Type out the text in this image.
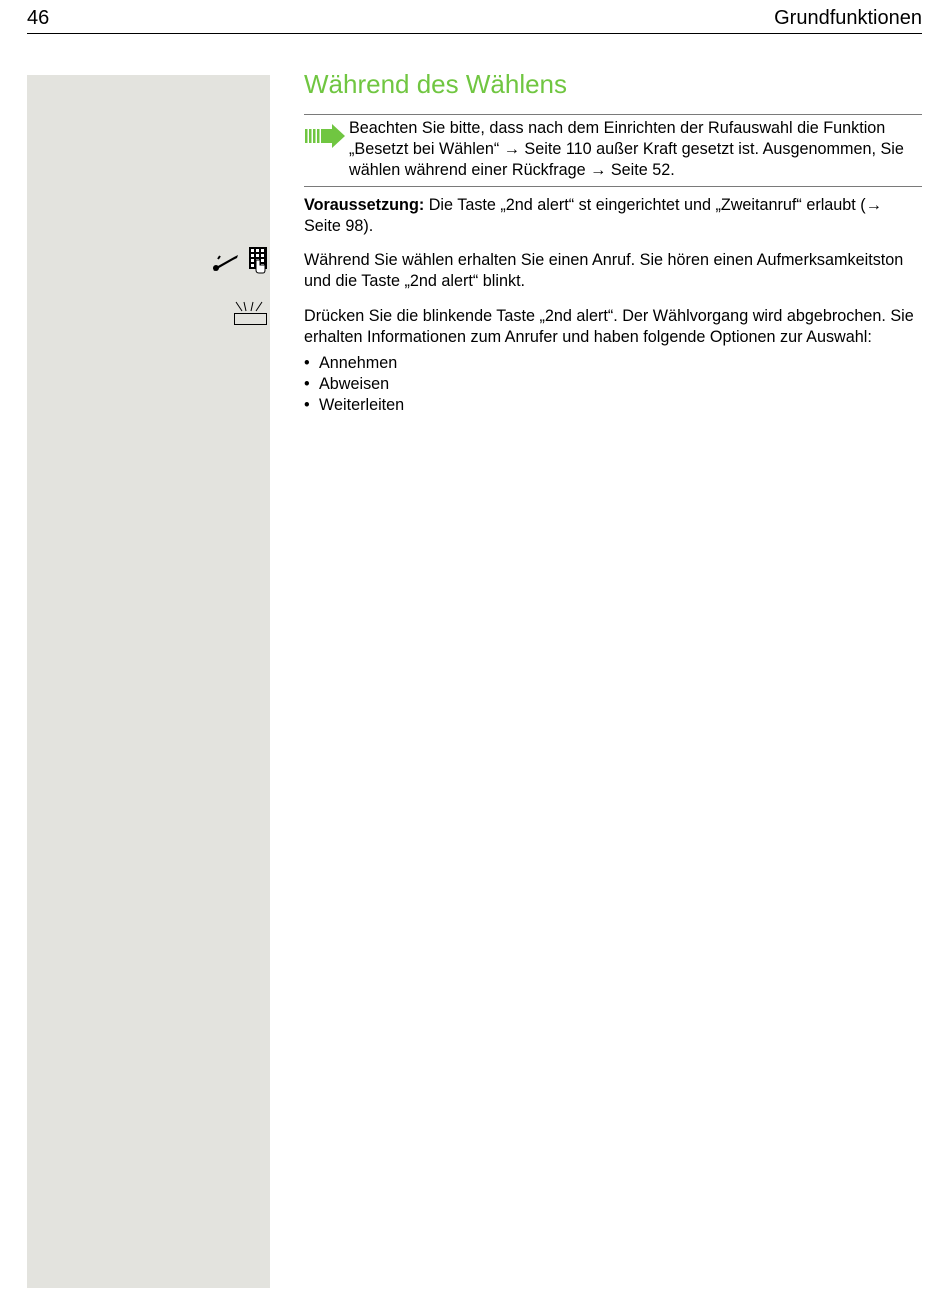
46	Grundfunktionen
Während des Wählens
Beachten Sie bitte, dass nach dem Einrichten der Rufauswahl die Funktion „Besetzt bei Wählen“ → Seite 110 außer Kraft gesetzt ist. Ausgenommen, Sie wählen während einer Rückfrage → Seite 52.
Voraussetzung: Die Taste „2nd alert“ st eingerichtet und „Zweitanruf“ erlaubt (→ Seite 98).
Während Sie wählen erhalten Sie einen Anruf. Sie hören einen Aufmerksamkeitston und die Taste „2nd alert“ blinkt.
Drücken Sie die blinkende Taste „2nd alert“. Der Wählvorgang wird abgebrochen. Sie erhalten Informationen zum Anrufer und haben folgende Optionen zur Auswahl:
• Annehmen
• Abweisen
• Weiterleiten
